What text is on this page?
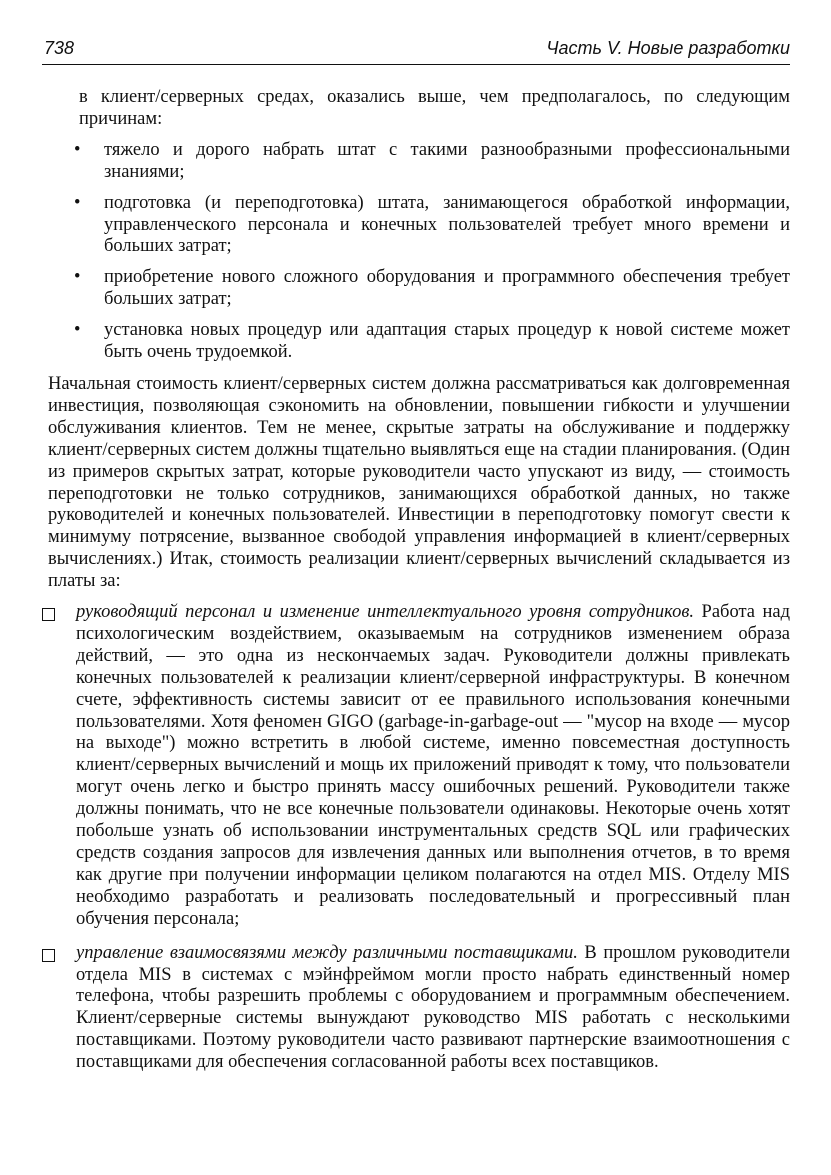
738	Часть V. Новые разработки

в клиент/серверных средах, оказались выше, чем предполагалось, по следующим причинам:

• тяжело и дорого набрать штат с такими разнообразными профессиональными знаниями;
• подготовка (и переподготовка) штата, занимающегося обработкой информации, управленческого персонала и конечных пользователей требует много времени и больших затрат;
• приобретение нового сложного оборудования и программного обеспечения требует больших затрат;
• установка новых процедур или адаптация старых процедур к новой системе может быть очень трудоемкой.

Начальная стоимость клиент/серверных систем должна рассматриваться как долговременная инвестиция, позволяющая сэкономить на обновлении, повышении гибкости и улучшении обслуживания клиентов. Тем не менее, скрытые затраты на обслуживание и поддержку клиент/серверных систем должны тщательно выявляться еще на стадии планирования. (Один из примеров скрытых затрат, которые руководители часто упускают из виду, — стоимость переподготовки не только сотрудников, занимающихся обработкой данных, но также руководителей и конечных пользователей. Инвестиции в переподготовку помогут свести к минимуму потрясение, вызванное свободой управления информацией в клиент/серверных вычислениях.) Итак, стоимость реализации клиент/серверных вычислений складывается из платы за:

руководящий персонал и изменение интеллектуального уровня сотрудников. Работа над психологическим воздействием, оказываемым на сотрудников изменением образа действий, — это одна из нескончаемых задач. Руководители должны привлекать конечных пользователей к реализации клиент/серверной инфраструктуры. В конечном счете, эффективность системы зависит от ее правильного использования конечными пользователями. Хотя феномен GIGO (garbage-in-garbage-out — "мусор на входе — мусор на выходе") можно встретить в любой системе, именно повсеместная доступность клиент/серверных вычислений и мощь их приложений приводят к тому, что пользователи могут очень легко и быстро принять массу ошибочных решений. Руководители также должны понимать, что не все конечные пользователи одинаковы. Некоторые очень хотят побольше узнать об использовании инструментальных средств SQL или графических средств создания запросов для извлечения данных или выполнения отчетов, в то время как другие при получении информации целиком полагаются на отдел MIS. Отделу MIS необходимо разработать и реализовать последовательный и прогрессивный план обучения персонала;
управление взаимосвязями между различными поставщиками. В прошлом руководители отдела MIS в системах с мэйнфреймом могли просто набрать единственный номер телефона, чтобы разрешить проблемы с оборудованием и программным обеспечением. Клиент/серверные системы вынуждают руководство MIS работать с несколькими поставщиками. Поэтому руководители часто развивают партнерские взаимоотношения с поставщиками для обеспечения согласованной работы всех поставщиков.
